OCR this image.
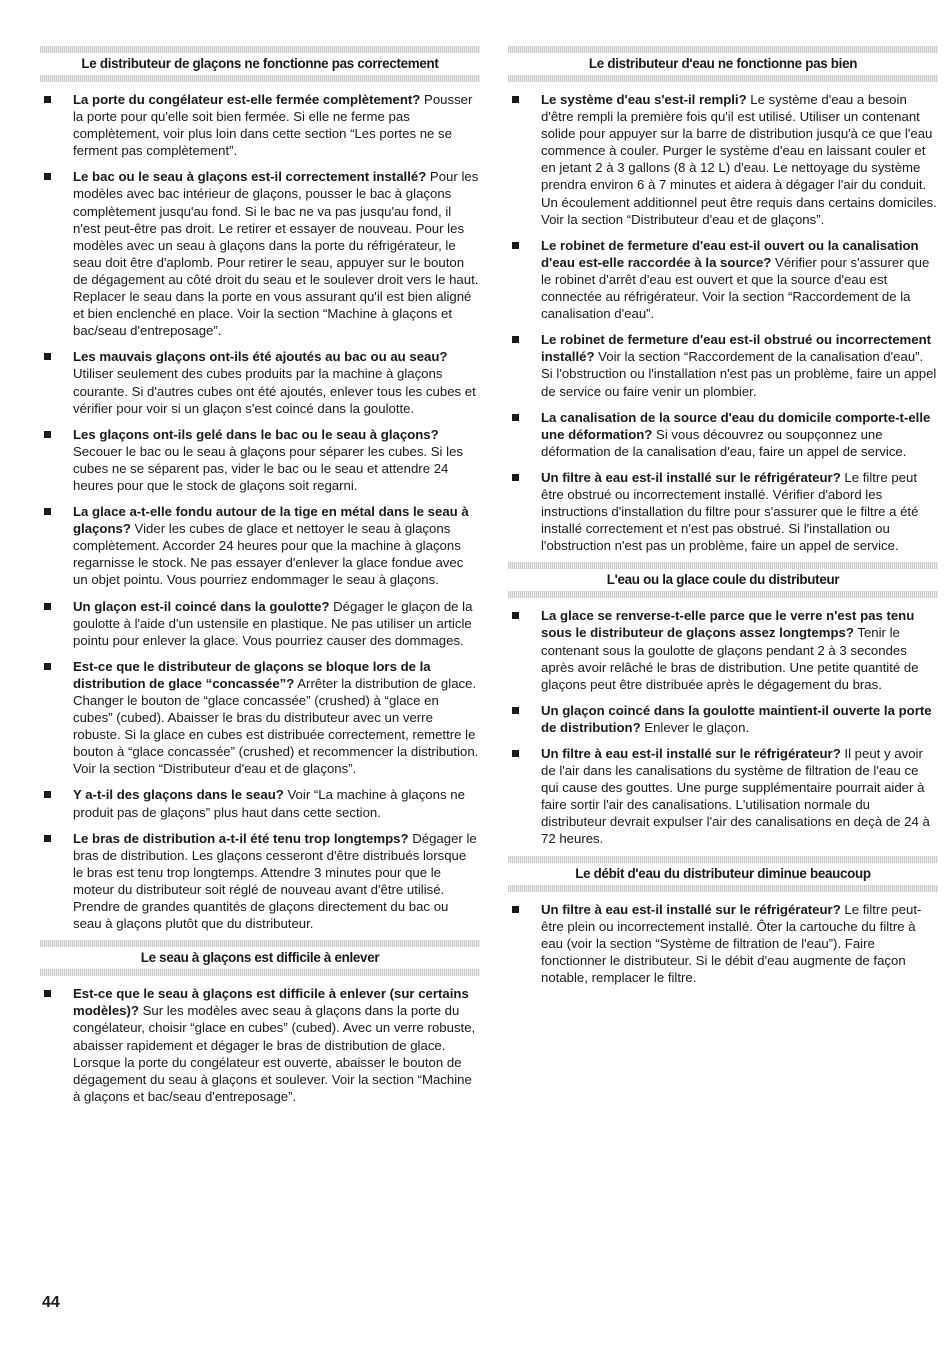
Le distributeur de glaçons ne fonctionne pas correctement
La porte du congélateur est-elle fermée complètement? Pousser la porte pour qu'elle soit bien fermée. Si elle ne ferme pas complètement, voir plus loin dans cette section “Les portes ne se ferment pas complètement”.
Le bac ou le seau à glaçons est-il correctement installé? Pour les modèles avec bac intérieur de glaçons, pousser le bac à glaçons complètement jusqu'au fond. Si le bac ne va pas jusqu'au fond, il n'est peut-être pas droit. Le retirer et essayer de nouveau. Pour les modèles avec un seau à glaçons dans la porte du réfrigérateur, le seau doit être d'aplomb. Pour retirer le seau, appuyer sur le bouton de dégagement au côté droit du seau et le soulever droit vers le haut. Replacer le seau dans la porte en vous assurant qu'il est bien aligné et bien enclenché en place. Voir la section “Machine à glaçons et bac/seau d'entreposage”.
Les mauvais glaçons ont-ils été ajoutés au bac ou au seau? Utiliser seulement des cubes produits par la machine à glaçons courante. Si d'autres cubes ont été ajoutés, enlever tous les cubes et vérifier pour voir si un glaçon s'est coincé dans la goulotte.
Les glaçons ont-ils gelé dans le bac ou le seau à glaçons? Secouer le bac ou le seau à glaçons pour séparer les cubes. Si les cubes ne se séparent pas, vider le bac ou le seau et attendre 24 heures pour que le stock de glaçons soit regarni.
La glace a-t-elle fondu autour de la tige en métal dans le seau à glaçons? Vider les cubes de glace et nettoyer le seau à glaçons complètement. Accorder 24 heures pour que la machine à glaçons regarnisse le stock. Ne pas essayer d'enlever la glace fondue avec un objet pointu. Vous pourriez endommager le seau à glaçons.
Un glaçon est-il coincé dans la goulotte? Dégager le glaçon de la goulotte à l'aide d'un ustensile en plastique. Ne pas utiliser un article pointu pour enlever la glace. Vous pourriez causer des dommages.
Est-ce que le distributeur de glaçons se bloque lors de la distribution de glace “concassée”? Arrêter la distribution de glace. Changer le bouton de “glace concassée” (crushed) à “glace en cubes” (cubed). Abaisser le bras du distributeur avec un verre robuste. Si la glace en cubes est distribuée correctement, remettre le bouton à “glace concassée” (crushed) et recommencer la distribution. Voir la section “Distributeur d'eau et de glaçons”.
Y a-t-il des glaçons dans le seau? Voir “La machine à glaçons ne produit pas de glaçons” plus haut dans cette section.
Le bras de distribution a-t-il été tenu trop longtemps? Dégager le bras de distribution. Les glaçons cesseront d'être distribués lorsque le bras est tenu trop longtemps. Attendre 3 minutes pour que le moteur du distributeur soit réglé de nouveau avant d'être utilisé. Prendre de grandes quantités de glaçons directement du bac ou seau à glaçons plutôt que du distributeur.
Le seau à glaçons est difficile à enlever
Est-ce que le seau à glaçons est difficile à enlever (sur certains modèles)? Sur les modèles avec seau à glaçons dans la porte du congélateur, choisir “glace en cubes” (cubed). Avec un verre robuste, abaisser rapidement et dégager le bras de distribution de glace. Lorsque la porte du congélateur est ouverte, abaisser le bouton de dégagement du seau à glaçons et soulever. Voir la section “Machine à glaçons et bac/seau d'entreposage”.
Le distributeur d'eau ne fonctionne pas bien
Le système d'eau s'est-il rempli? Le système d'eau a besoin d'être rempli la première fois qu'il est utilisé. Utiliser un contenant solide pour appuyer sur la barre de distribution jusqu'à ce que l'eau commence à couler. Purger le système d'eau en laissant couler et en jetant 2 à 3 gallons (8 à 12 L) d'eau. Le nettoyage du système prendra environ 6 à 7 minutes et aidera à dégager l'air du conduit. Un écoulement additionnel peut être requis dans certains domiciles. Voir la section “Distributeur d'eau et de glaçons”.
Le robinet de fermeture d'eau est-il ouvert ou la canalisation d'eau est-elle raccordée à la source? Vérifier pour s'assurer que le robinet d'arrêt d'eau est ouvert et que la source d'eau est connectée au réfrigérateur. Voir la section “Raccordement de la canalisation d'eau”.
Le robinet de fermeture d'eau est-il obstrué ou incorrectement installé? Voir la section “Raccordement de la canalisation d'eau”. Si l'obstruction ou l'installation n'est pas un problème, faire un appel de service ou faire venir un plombier.
La canalisation de la source d'eau du domicile comporte-t-elle une déformation? Si vous découvrez ou soupçonnez une déformation de la canalisation d'eau, faire un appel de service.
Un filtre à eau est-il installé sur le réfrigérateur? Le filtre peut être obstrué ou incorrectement installé. Vérifier d'abord les instructions d'installation du filtre pour s'assurer que le filtre a été installé correctement et n'est pas obstrué. Si l'installation ou l'obstruction n'est pas un problème, faire un appel de service.
L'eau ou la glace coule du distributeur
La glace se renverse-t-elle parce que le verre n'est pas tenu sous le distributeur de glaçons assez longtemps? Tenir le contenant sous la goulotte de glaçons pendant 2 à 3 secondes après avoir relâché le bras de distribution. Une petite quantité de glaçons peut être distribuée après le dégagement du bras.
Un glaçon coincé dans la goulotte maintient-il ouverte la porte de distribution? Enlever le glaçon.
Un filtre à eau est-il installé sur le réfrigérateur? Il peut y avoir de l'air dans les canalisations du système de filtration de l'eau ce qui cause des gouttes. Une purge supplémentaire pourrait aider à faire sortir l'air des canalisations. L'utilisation normale du distributeur devrait expulser l'air des canalisations en deçà de 24 à 72 heures.
Le débit d'eau du distributeur diminue beaucoup
Un filtre à eau est-il installé sur le réfrigérateur? Le filtre peut-être plein ou incorrectement installé. Ôter la cartouche du filtre à eau (voir la section “Système de filtration de l'eau”). Faire fonctionner le distributeur. Si le débit d'eau augmente de façon notable, remplacer le filtre.
44
